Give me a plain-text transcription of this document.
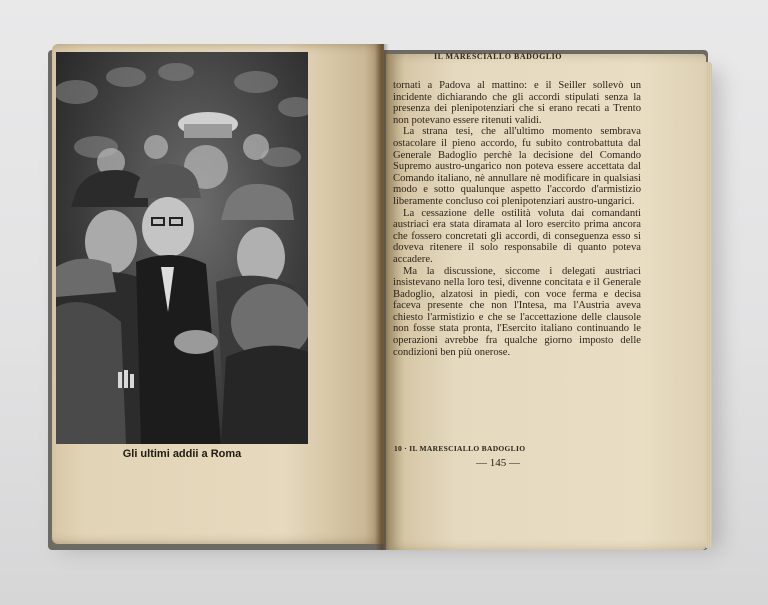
Gli ultimi addii a Roma
IL MARESCIALLO BADOGLIO

tornati a Padova al mattino: e il Seiller sollevò un incidente dichiarando che gli accordi stipulati senza la presenza dei plenipotenziari che si erano recati a Trento non potevano essere ritenuti validi.

La strana tesi, che all'ultimo momento sembrava ostacolare il pieno accordo, fu subito controbattuta dal Generale Badoglio perchè la decisione del Comando Supremo austro-ungarico non poteva essere accettata dal Comando italiano, nè annullare nè modificare in qualsiasi modo e sotto qualunque aspetto l'accordo d'armistizio liberamente concluso coi plenipotenziari austro-ungarici.

La cessazione delle ostilità voluta dai comandanti austriaci era stata diramata al loro esercito prima ancora che fossero concretati gli accordi, di conseguenza esso si doveva ritenere il solo responsabile di quanto poteva accadere.

Ma la discussione, siccome i delegati austriaci insistevano nella loro tesi, divenne concitata e il Generale Badoglio, alzatosi in piedi, con voce ferma e decisa faceva presente che non l'Intesa, ma l'Austria aveva chiesto l'armistizio e che se l'accettazione delle clausole non fosse stata pronta, l'Esercito italiano continuando le operazioni avrebbe fra qualche giorno imposto delle condizioni ben più onerose.

10 · IL MARESCIALLO BADOGLIO
— 145 —
